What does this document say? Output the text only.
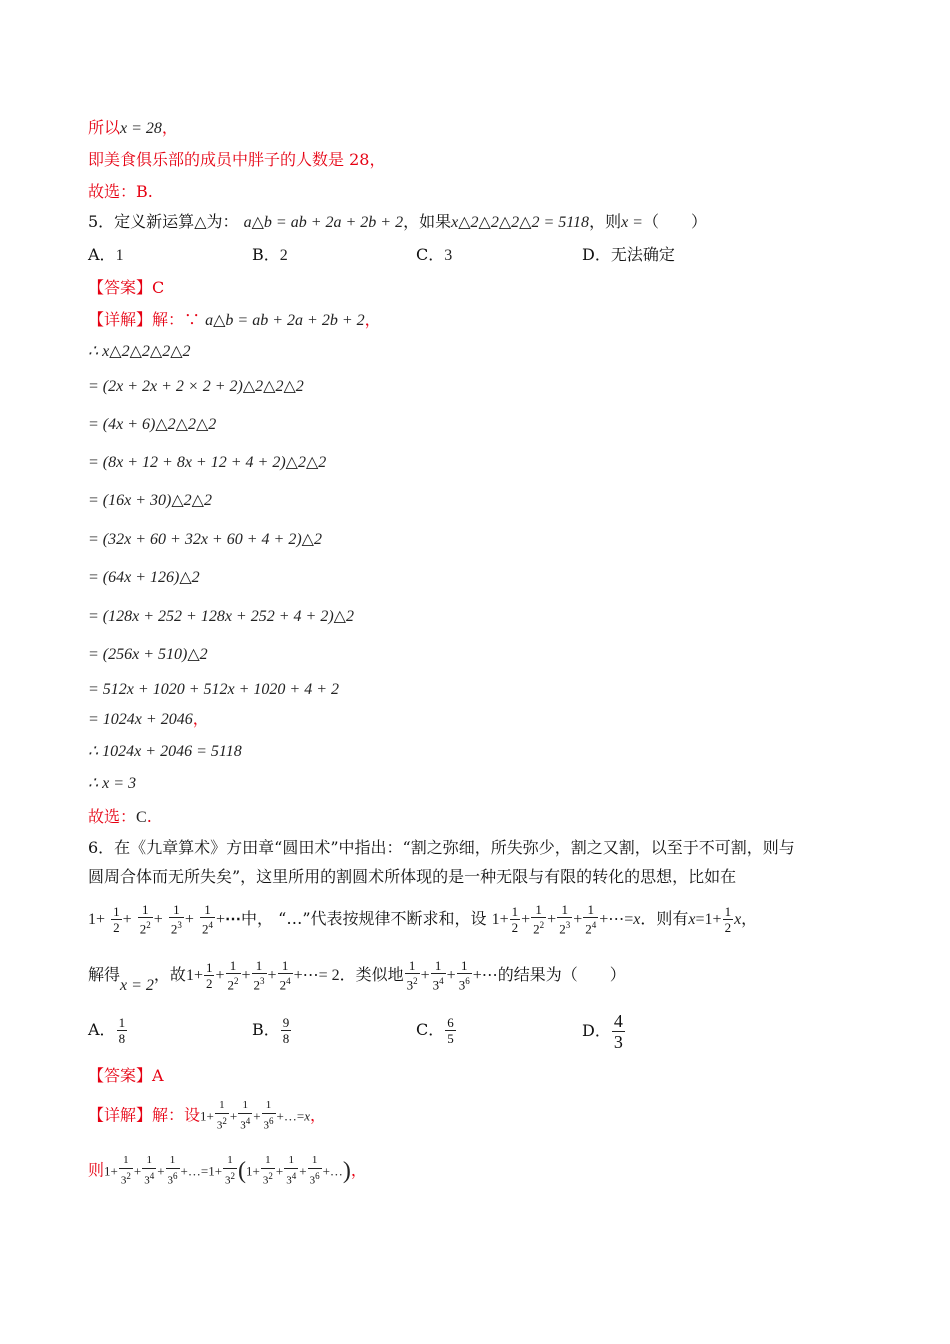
所以x = 28，
即美食俱乐部的成员中胖子的人数是 28，
故选：B.
5．定义新运算△为： a△b = ab + 2a + 2b + 2，如果x△2△2△2△2 = 5118，则x =（　　）
A．1	B．2	C．3	D．无法确定
【答案】C
【详解】解：∵ a△b = ab + 2a + 2b + 2，
∴ x△2△2△2△2
= (2x + 2x + 2 × 2 + 2)△2△2△2
= (4x + 6)△2△2△2
= (8x + 12 + 8x + 12 + 4 + 2)△2△2
= (16x + 30)△2△2
= (32x + 60 + 32x + 60 + 4 + 2)△2
= (64x + 126)△2
= (128x + 252 + 128x + 252 + 4 + 2)△2
= (256x + 510)△2
= 512x + 1020 + 512x + 1020 + 4 + 2
= 1024x + 2046，
∴ 1024x + 2046 = 5118
∴ x = 3
故选：C.
6．在《九章算术》方田章“圆田术”中指出：“割之弥细，所失弥少，割之又割，以至于不可割，则与
圆周合体而无所失矣”，这里所用的割圆术所体现的是一种无限与有限的转化的思想，比如在
$1+ \frac{1}{2} + \frac{1}{2^2} + \frac{1}{2^3} + \frac{1}{2^4}$ +⋯中， “…”代表按规律不断求和，设 $1+ \frac{1}{2} + \frac{1}{2^2} + \frac{1}{2^3} + \frac{1}{2^4}$ +⋯=x．则有$x=1+ \frac{1}{2}$ x，
解得x = 2，故$1+ \frac{1}{2} + \frac{1}{2^2} + \frac{1}{2^3} + \frac{1}{2^4}$ +⋯= 2．类似地 $\frac{1}{3^2} + \frac{1}{3^4} + \frac{1}{3^6}$ +⋯的结果为（　　）
A． $\frac{1}{8}$	B． $\frac{9}{8}$	C． $\frac{6}{5}$	D． $\frac{4}{3}$
【答案】A
【详解】解：设$1+ \frac{1}{3^2} + \frac{1}{3^4} + \frac{1}{3^6}$ +…=x，
则$1+ \frac{1}{3^2} + \frac{1}{3^4} + \frac{1}{3^6}$ +…=1+ $\frac{1}{3^2} (1+ \frac{1}{3^2} + \frac{1}{3^4} + \frac{1}{3^6}$ +…)，
